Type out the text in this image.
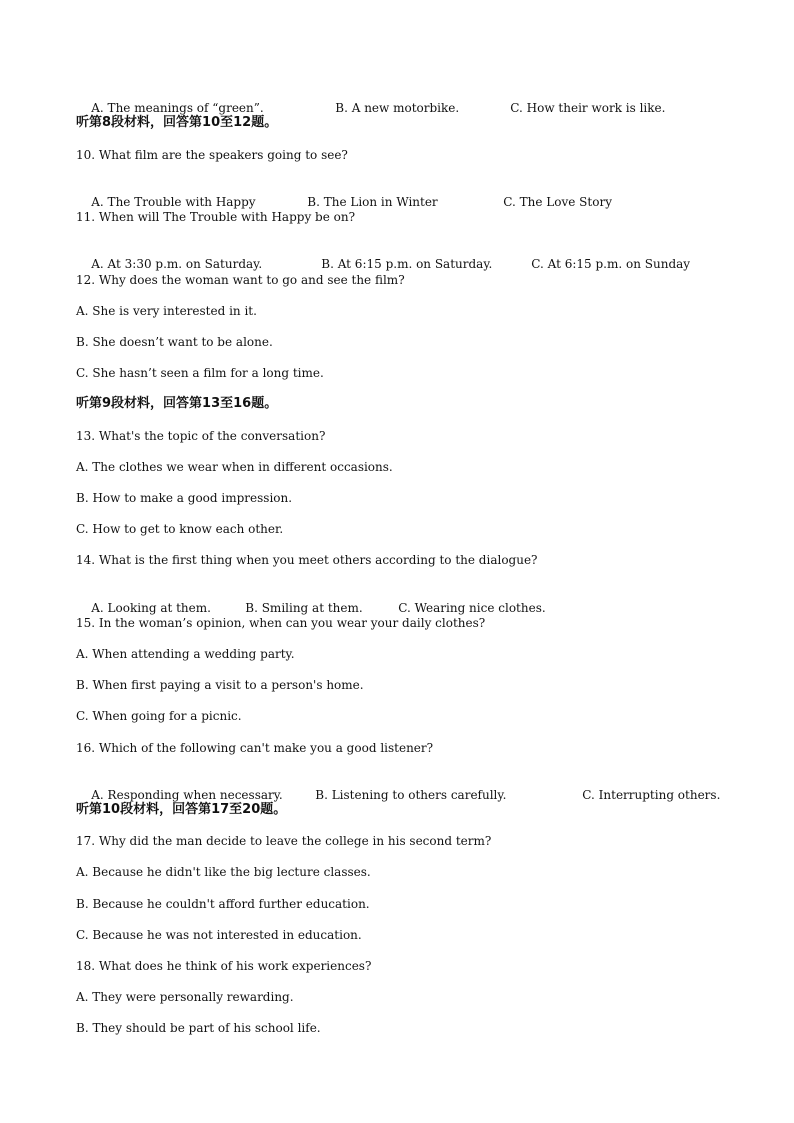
A. The meanings of “green”.	B. A new motorbike.	C. How their work is like.

听第8段材料，回答第10至12题。
10. What film are the speakers going to see?

A. The Trouble with Happy	B. The Lion in Winter	C. The Love Story

11. When will The Trouble with Happy be on?

A. At 3:30 p.m. on Saturday.	B. At 6:15 p.m. on Saturday.	C. At 6:15 p.m. on Sunday

12. Why does the woman want to go and see the film?
A. She is very interested in it.
B. She doesn’t want to be alone.
C. She hasn’t seen a film for a long time.
听第9段材料，回答第13至16题。
13. What's the topic of the conversation?
A. The clothes we wear when in different occasions.
B. How to make a good impression.
C. How to get to know each other.
14. What is the first thing when you meet others according to the dialogue?

A. Looking at them.	B. Smiling at them.	C. Wearing nice clothes.

15. In the woman’s opinion, when can you wear your daily clothes?
A. When attending a wedding party.
B. When first paying a visit to a person's home.
C. When going for a picnic.
16. Which of the following can't make you a good listener?

A. Responding when necessary.	B. Listening to others carefully.	C. Interrupting others.

听第10段材料，回答第17至20题。
17. Why did the man decide to leave the college in his second term?
A. Because he didn't like the big lecture classes.
B. Because he couldn't afford further education.
C. Because he was not interested in education.
18. What does he think of his work experiences?
A. They were personally rewarding.
B. They should be part of his school life.
